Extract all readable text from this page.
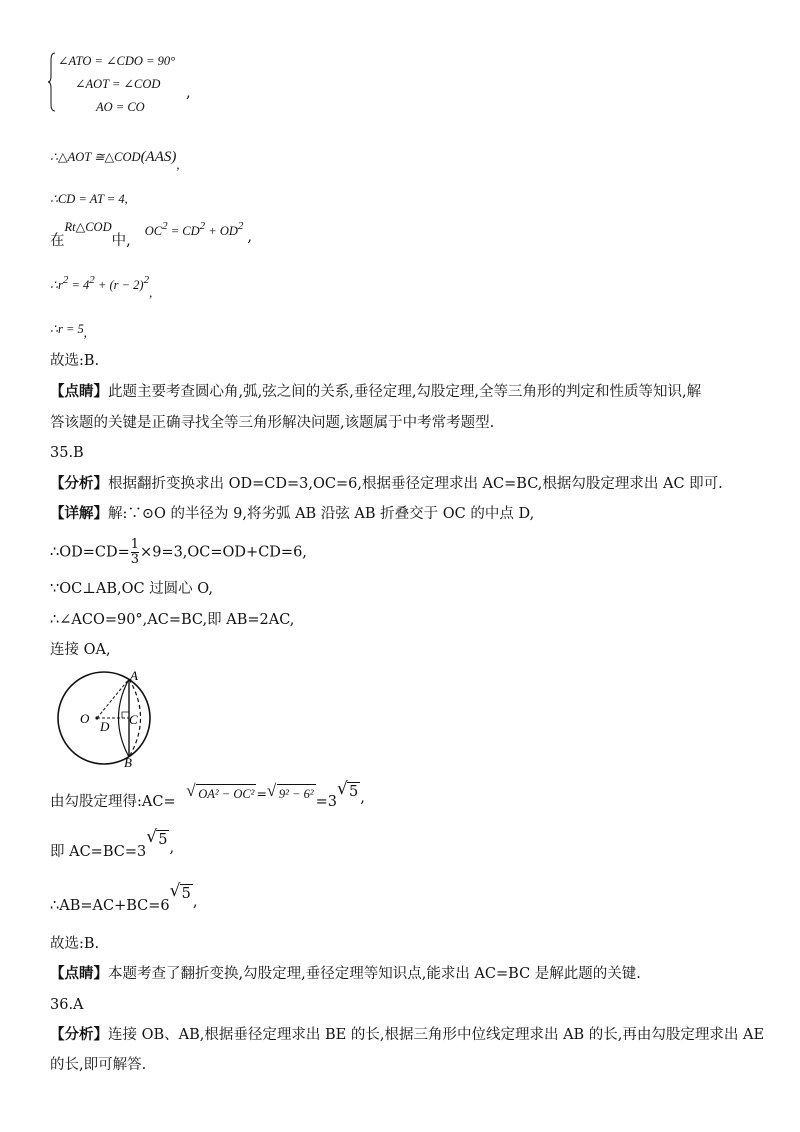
∠ATO = ∠CDO = 90°
∠AOT = ∠COD
AO = CO
,
∴△AOT ≅△COD(AAS),
∴CD = AT = 4,
在Rt△COD中,OC2 = CD2 + OD2,
∴r2 = 42 + (r − 2)2,
∴r = 5,
故选:B.
【点睛】此题主要考查圆心角,弧,弦之间的关系,垂径定理,勾股定理,全等三角形的判定和性质等知识,解
答该题的关键是正确寻找全等三角形解决问题,该题属于中考常考题型.
35.B
【分析】根据翻折变换求出 OD=CD=3,OC=6,根据垂径定理求出 AC=BC,根据勾股定理求出 AC 即可.
【详解】解:∵⊙O 的半径为 9,将劣弧 AB 沿弦 AB 折叠交于 OC 的中点 D,
$\therefore OD=CD=\frac{1}{3} \times 9=3,OC=OD+CD=6$,
∵OC⊥AB,OC 过圆心 O,
∴∠ACO=90°,AC=BC,即 AB=2AC,
连接 OA,
A
B
C
D
O
由勾股定理得:AC=
√ OA² − OC² = √ 9² − 6² =3
√ 5 ,
即 AC=BC=3
√ 5 ,
∴AB=AC+BC=6
√ 5 ,
故选:B.
【点睛】本题考查了翻折变换,勾股定理,垂径定理等知识点,能求出 AC=BC 是解此题的关键.
36.A
【分析】连接 OB、AB,根据垂径定理求出 BE 的长,根据三角形中位线定理求出 AB 的长,再由勾股定理求出 AE
的长,即可解答.
